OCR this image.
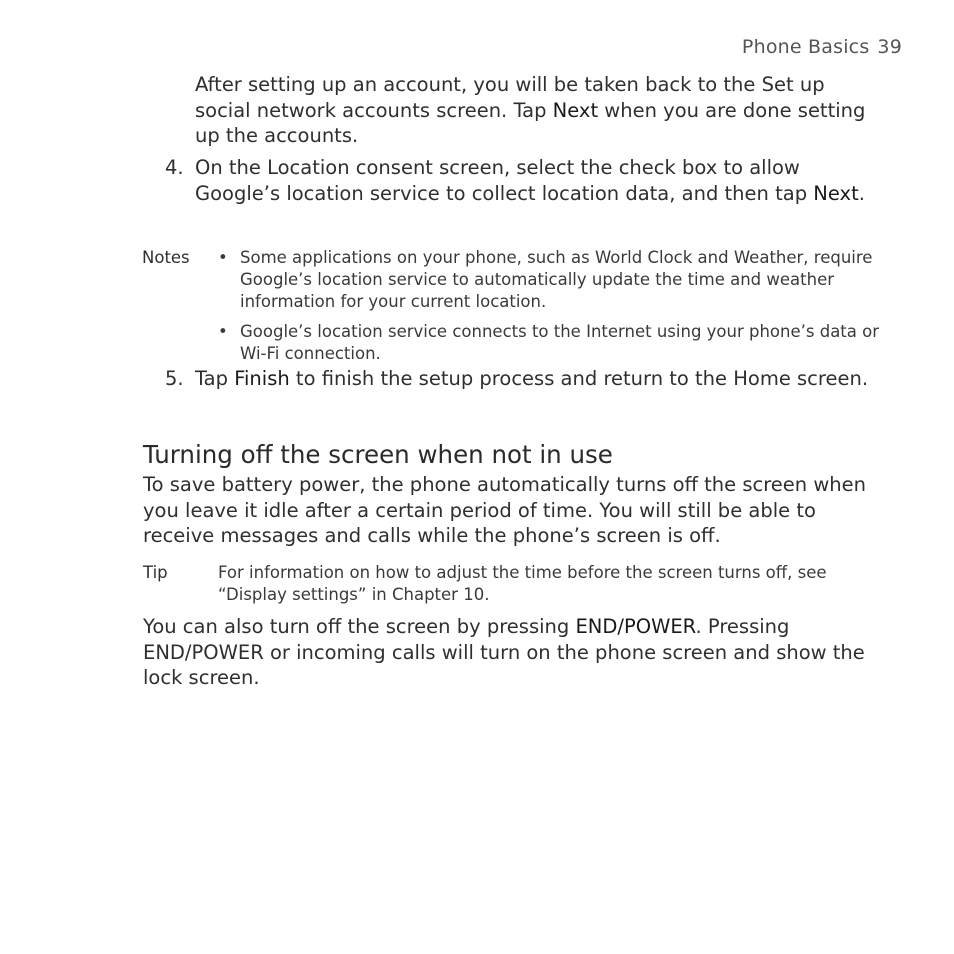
Phone Basics 39

After setting up an account, you will be taken back to the Set up social network accounts screen. Tap Next when you are done setting up the accounts.

4. On the Location consent screen, select the check box to allow Google’s location service to collect location data, and then tap Next.

Notes • Some applications on your phone, such as World Clock and Weather, require Google’s location service to automatically update the time and weather information for your current location.

• Google’s location service connects to the Internet using your phone’s data or Wi-Fi connection.

5. Tap Finish to finish the setup process and return to the Home screen.

Turning off the screen when not in use

To save battery power, the phone automatically turns off the screen when you leave it idle after a certain period of time. You will still be able to receive messages and calls while the phone’s screen is off.

Tip	For information on how to adjust the time before the screen turns off, see “Display settings” in Chapter 10.

You can also turn off the screen by pressing END/POWER. Pressing END/POWER or incoming calls will turn on the phone screen and show the lock screen.
